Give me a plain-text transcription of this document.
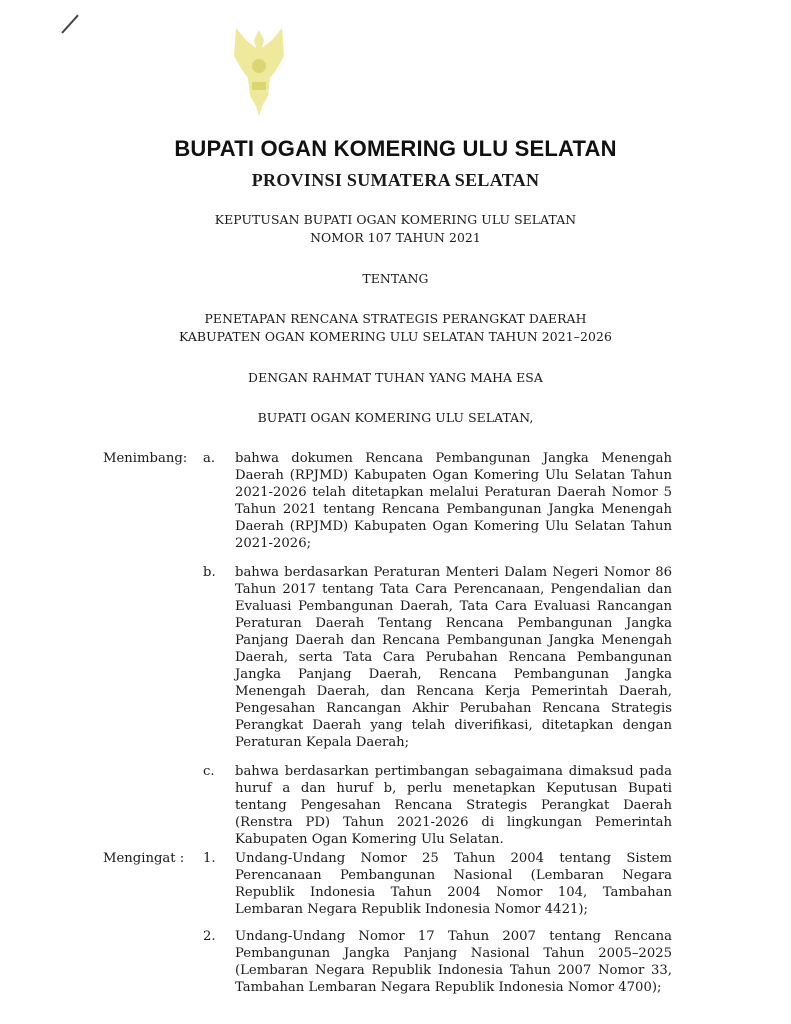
BUPATI OGAN KOMERING ULU SELATAN
PROVINSI SUMATERA SELATAN
KEPUTUSAN BUPATI OGAN KOMERING ULU SELATAN
NOMOR 107 TAHUN 2021
TENTANG
PENETAPAN RENCANA STRATEGIS PERANGKAT DAERAH
KABUPATEN OGAN KOMERING ULU SELATAN TAHUN 2021–2026
DENGAN RAHMAT TUHAN YANG MAHA ESA
BUPATI OGAN KOMERING ULU SELATAN,
Menimbang:	a.	bahwa dokumen Rencana Pembangunan Jangka Menengah Daerah (RPJMD) Kabupaten Ogan Komering Ulu Selatan Tahun 2021-2026 telah ditetapkan melalui Peraturan Daerah Nomor 5 Tahun 2021 tentang Rencana Pembangunan Jangka Menengah Daerah (RPJMD) Kabupaten Ogan Komering Ulu Selatan Tahun 2021-2026;
b.	bahwa berdasarkan Peraturan Menteri Dalam Negeri Nomor 86 Tahun 2017 tentang Tata Cara Perencanaan, Pengendalian dan Evaluasi Pembangunan Daerah, Tata Cara Evaluasi Rancangan Peraturan Daerah Tentang Rencana Pembangunan Jangka Panjang Daerah dan Rencana Pembangunan Jangka Menengah Daerah, serta Tata Cara Perubahan Rencana Pembangunan Jangka Panjang Daerah, Rencana Pembangunan Jangka Menengah Daerah, dan Rencana Kerja Pemerintah Daerah, Pengesahan Rancangan Akhir Perubahan Rencana Strategis Perangkat Daerah yang telah diverifikasi, ditetapkan dengan Peraturan Kepala Daerah;
c.	bahwa berdasarkan pertimbangan sebagaimana dimaksud pada huruf a dan huruf b, perlu menetapkan Keputusan Bupati tentang Pengesahan Rencana Strategis Perangkat Daerah (Renstra PD) Tahun 2021-2026 di lingkungan Pemerintah Kabupaten Ogan Komering Ulu Selatan.
Mengingat :	1.	Undang-Undang Nomor 25 Tahun 2004 tentang Sistem Perencanaan Pembangunan Nasional (Lembaran Negara Republik Indonesia Tahun 2004 Nomor 104, Tambahan Lembaran Negara Republik Indonesia Nomor 4421);
2.	Undang-Undang Nomor 17 Tahun 2007 tentang Rencana Pembangunan Jangka Panjang Nasional Tahun 2005–2025 (Lembaran Negara Republik Indonesia Tahun 2007 Nomor 33, Tambahan Lembaran Negara Republik Indonesia Nomor 4700);
